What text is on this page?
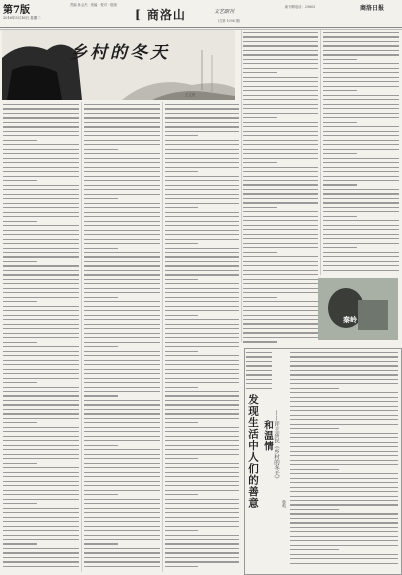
第7版
2016年5月16日 星期二
责编 孙会杰 · 美编 · 校对 · 组版
[ 商洛山	文艺副刊
(总第 1096 期)
新刊网电话：29803	商洛日报
乡村的冬天
王立民
秦岭
发现生活中人们的善意 和温情 ——评王彦民《乡村的冬天》
鲁鸣
